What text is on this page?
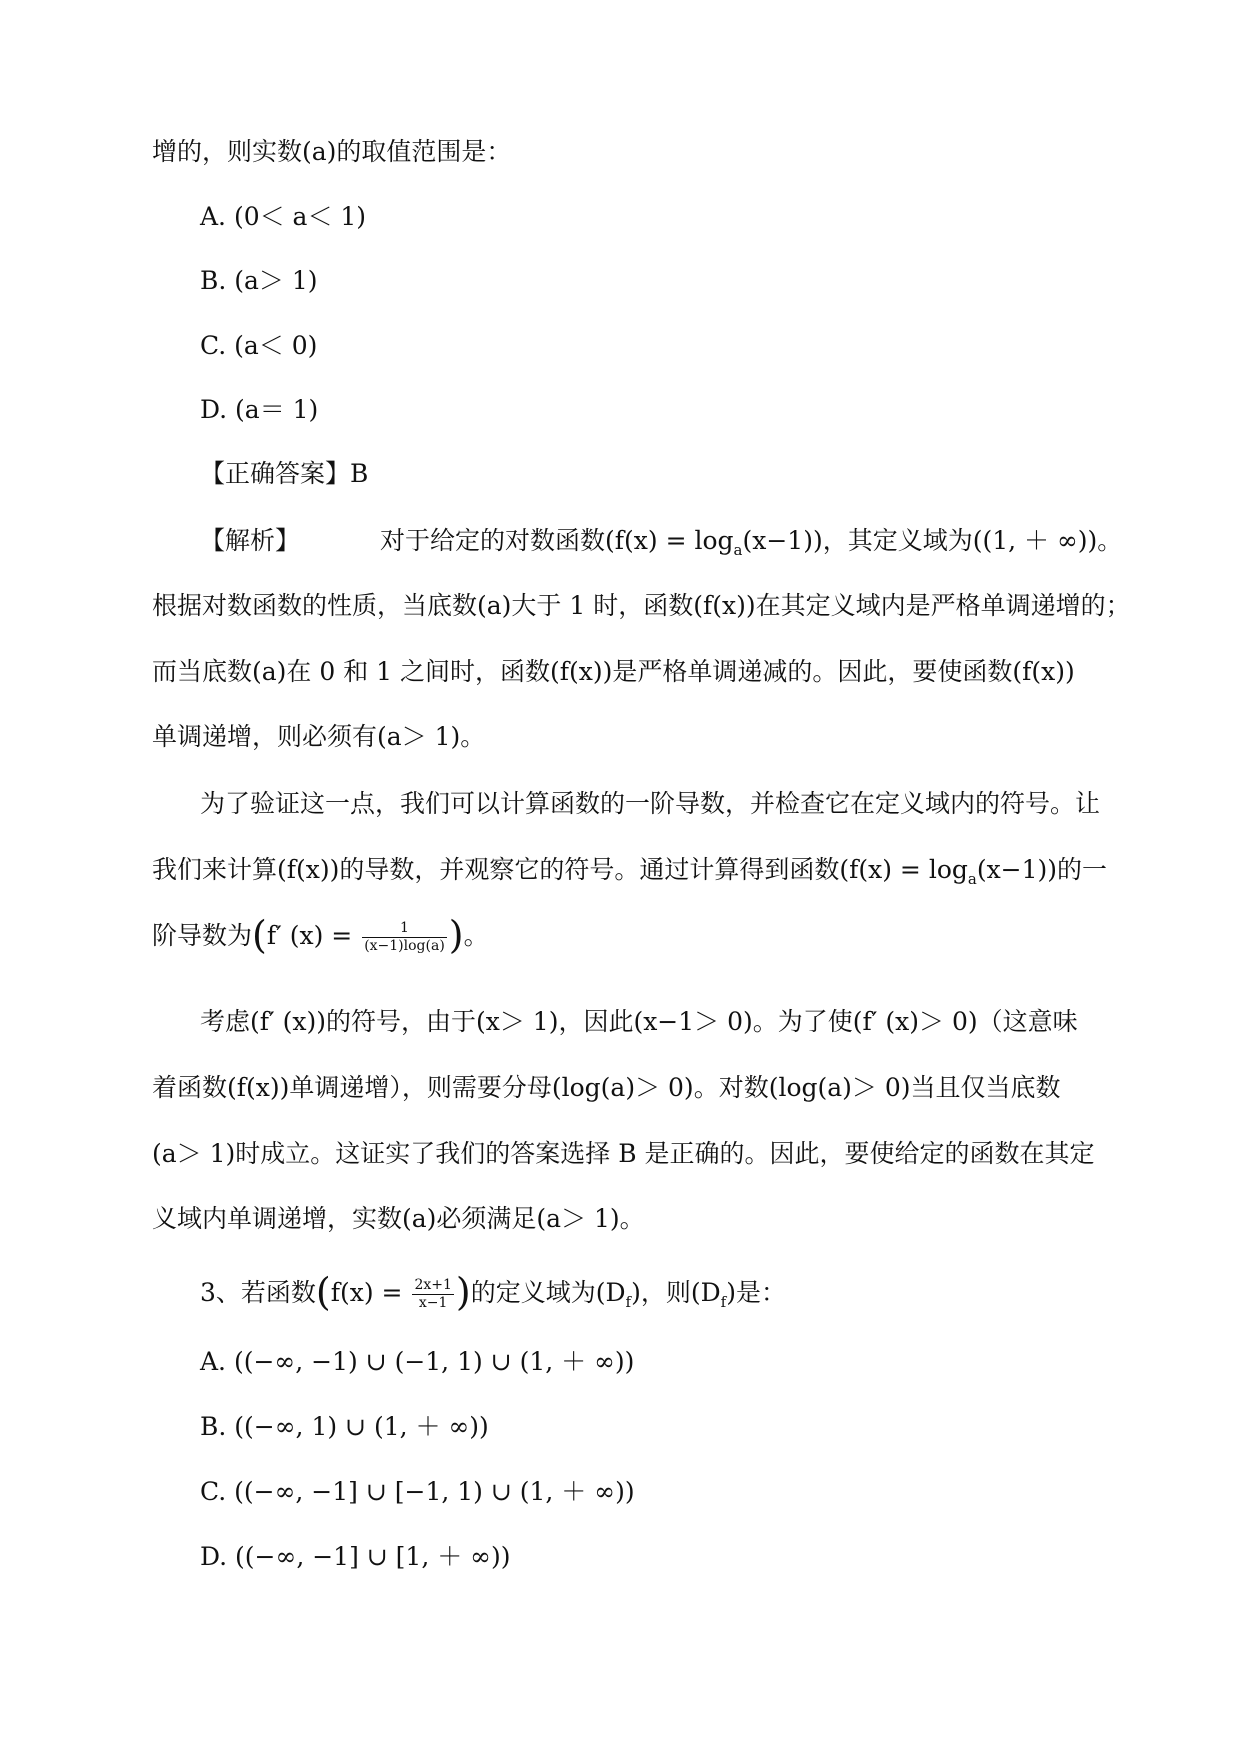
增的，则实数(a)的取值范围是：
A. (0＜ a＜ 1)
B. (a＞ 1)
C. (a＜ 0)
D. (a＝ 1)
【正确答案】B
【解析】	对于给定的对数函数$(f(x) = \log_a(x-1))$，其定义域为((1, ＋ ∞))。
根据对数函数的性质，当底数(a)大于 1 时，函数(f(x))在其定义域内是严格单调递增的；
而当底数(a)在 0 和 1 之间时，函数(f(x))是严格单调递减的。因此，要使函数(f(x))
单调递增，则必须有(a＞ 1)。
为了验证这一点，我们可以计算函数的一阶导数，并检查它在定义域内的符号。让
我们来计算(f(x))的导数，并观察它的符号。通过计算得到函数$(f(x) = \log_a(x-1))$的一
阶导数为(f′ $(x) = \frac{1}{(x-1)\log(a)}$ )。
考虑(f′ (x))的符号，由于(x＞ 1)，因此(x−1＞ 0)。为了使(f′ (x)＞ 0)（这意味
着函数(f(x))单调递增），则需要分母(log(a)＞ 0)。对数(log(a)＞ 0)当且仅当底数
(a＞ 1)时成立。这证实了我们的答案选择 B 是正确的。因此，要使给定的函数在其定
义域内单调递增，实数(a)必须满足(a＞ 1)。
3、若函数($f(x) = \frac{2x+1}{x-1}$ )的定义域为$(D_f)$，则$(D_f)$是：
A. ((−∞, −1) ∪ (−1, 1) ∪ (1, ＋ ∞))
B. ((−∞, 1) ∪ (1, ＋ ∞))
C. ((−∞, −1] ∪ [−1, 1) ∪ (1, ＋ ∞))
D. ((−∞, −1] ∪ [1, ＋ ∞))
